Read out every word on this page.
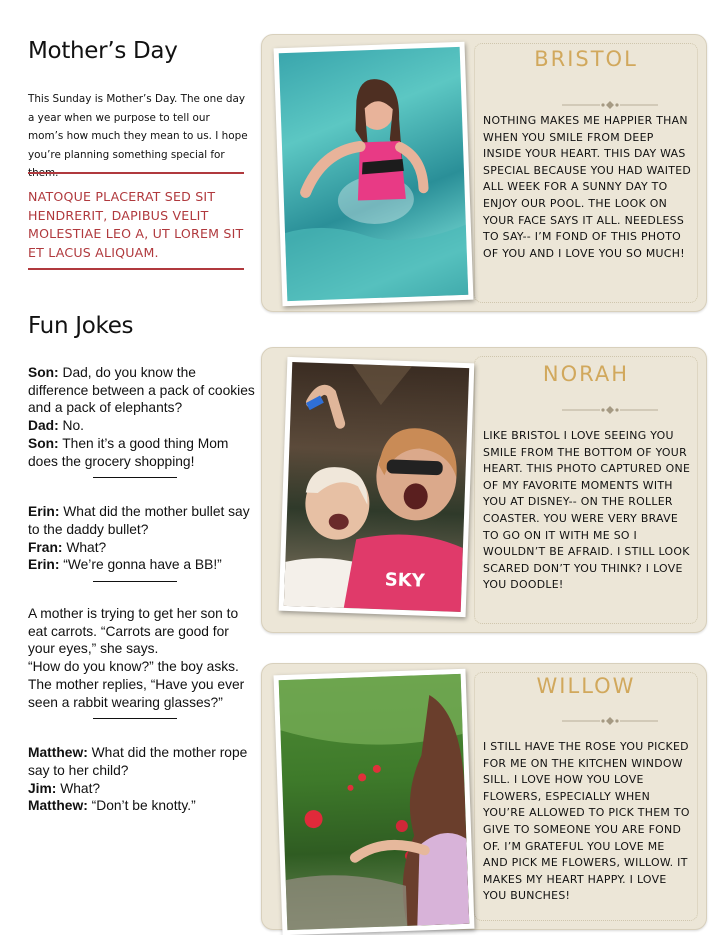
Mother’s Day
This Sunday is Mother’s Day. The one day a year when we purpose to tell our mom’s how much they mean to us. I hope you’re planning something special for
NATOQUE PLACERAT SED SIT HENDRERIT, DAPIBUS VELIT MOLESTIAE LEO A, UT LOREM SIT ET LACUS ALIQUAM.
Fun Jokes

Son: Dad, do you know the difference between a pack of cookies and a pack of elephants?

Dad: No.

Son: Then it’s a good thing Mom does the grocery shopping!

Erin: What did the mother bullet say to the daddy bullet?

Fran: What?

Erin: “We’re gonna have a BB!”

A mother is trying to get her son to eat carrots. “Carrots are good for your eyes,” she says.

“How do you know?” the boy asks.

The mother replies, “Have you ever seen a rabbit wearing glasses?”

Matthew: What did the mother rope say to her child?

Jim: What?

Matthew: “Don’t be knotty.”

BRISTOL
NOTHING MAKES ME HAPPIER THAN WHEN YOU SMILE FROM DEEP INSIDE YOUR HEART. THIS DAY WAS SPECIAL BECAUSE YOU HAD WAITED ALL WEEK FOR A SUNNY DAY TO ENJOY OUR POOL. THE LOOK ON YOUR FACE SAYS IT ALL. NEEDLESS TO SAY-- I’M FOND OF THIS PHOTO OF YOU AND I LOVE YOU SO MUCH!
NORAH
LIKE BRISTOL I LOVE SEEING YOU SMILE FROM THE BOTTOM OF YOUR HEART. THIS PHOTO CAPTURED ONE OF MY FAVORITE MOMENTS WITH YOU AT DISNEY-- ON THE ROLLER COASTER. YOU WERE VERY BRAVE TO GO ON IT WITH ME SO I WOULDN’T BE AFRAID. I STILL LOOK SCARED DON’T YOU THINK? I LOVE YOU DOODLE!
SKY
WILLOW
I STILL HAVE THE ROSE YOU PICKED FOR ME ON THE KITCHEN WINDOW SILL. I LOVE HOW YOU LOVE FLOWERS, ESPECIALLY WHEN YOU’RE ALLOWED TO PICK THEM TO GIVE TO SOMEONE YOU ARE FOND OF. I’M GRATEFUL YOU LOVE ME AND PICK ME FLOWERS, WILLOW. IT MAKES MY HEART HAPPY. I LOVE YOU BUNCHES!
